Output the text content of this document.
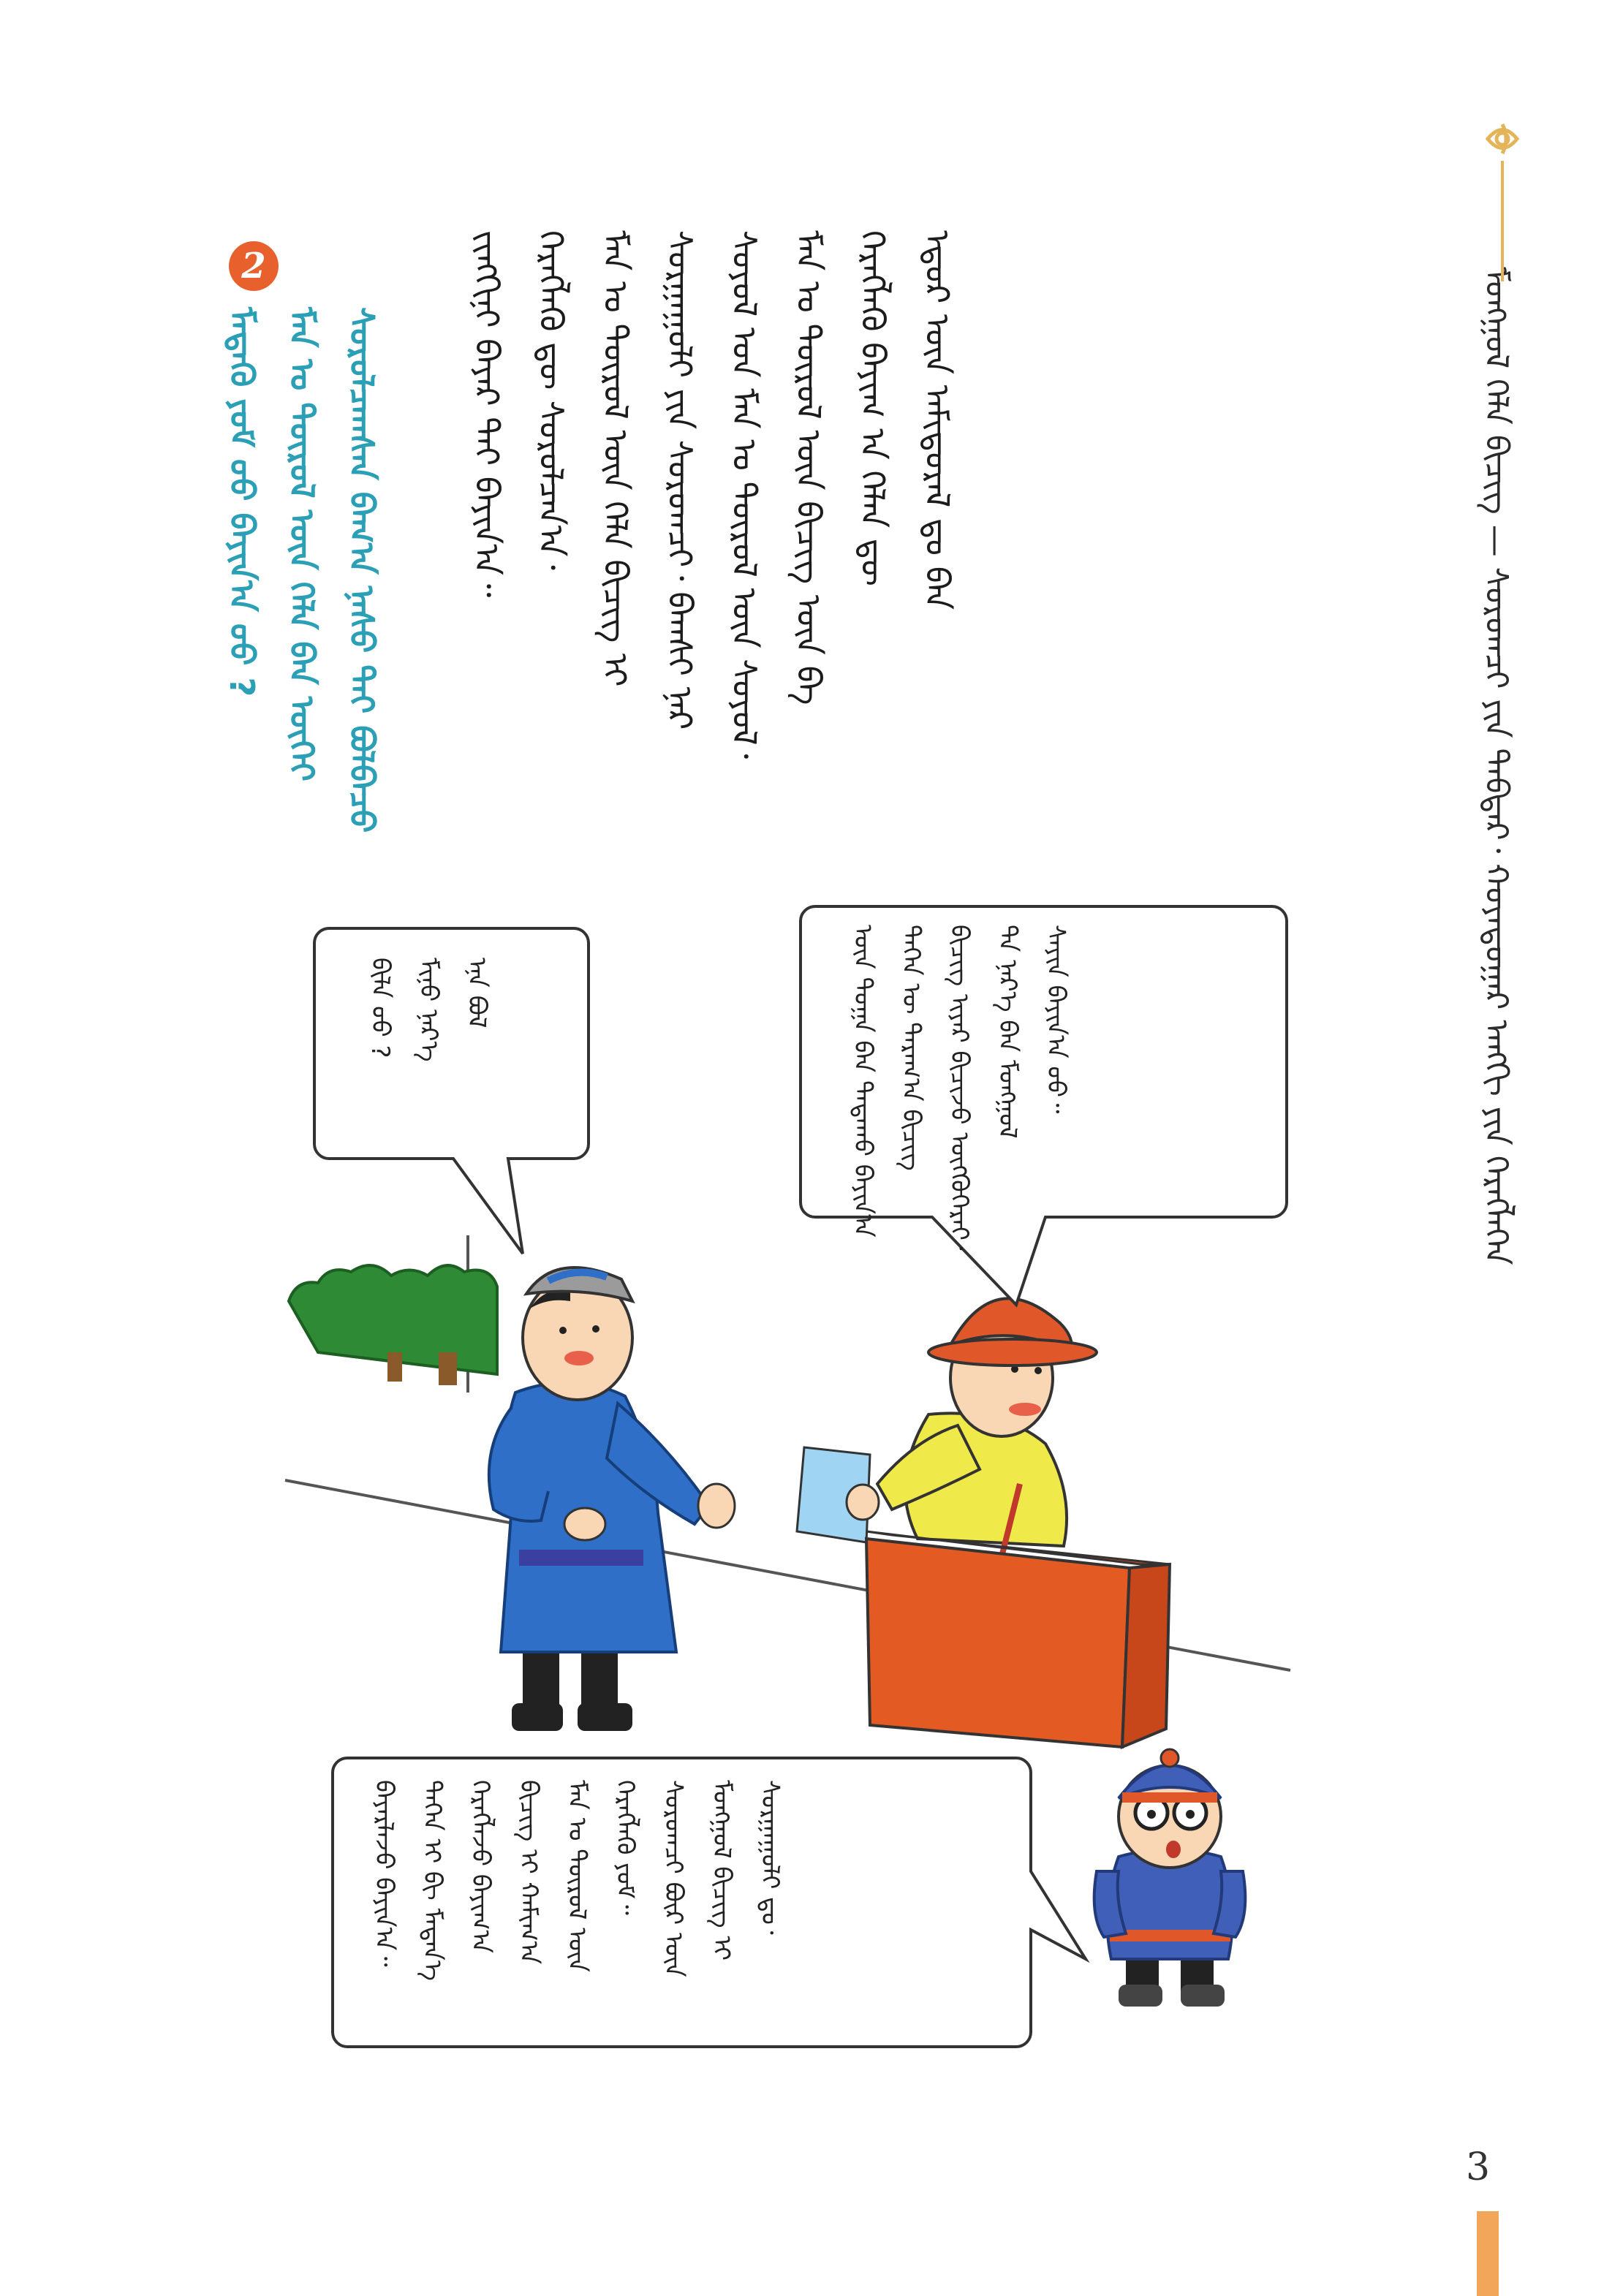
ᠮᠤᠩᠭᠤᠯ ᠬᠡᠯᠡ ᠪᠢᠴᠢᠭ — ᠰᠤᠷᠤᠭᠴᠢ ᠶᠢᠨ ᠳᠡᠪᠲᠡᠷ᠂ ᠬᠤᠶᠠᠳᠤᠭᠠᠷ ᠠᠩᠭᠢ ᠶᠢᠨ ᠬᠡᠷᠡᠭᠯᠡᠭᠡᠨ
ᠡᠳᠦᠷ ᠦᠨ ᠠᠮᠢᠳᠤᠷᠠᠯ ᠳᠤ ᠪᠠᠨ
ᠬᠡᠷᠡᠭᠯᠡᠬᠦ ᠪᠠᠶᠢᠭ ᠠ ᠬᠡᠯᠡᠨ ᠳᠦ
ᠮᠠᠨ ᠤ ᠲᠥᠷᠥᠯ ᠦᠨ ᠪᠢᠴᠢᠭ ᠦᠨ ᠪᠠ
ᠰᠣᠶᠣᠯ ᠤᠨ ᠮᠠᠨ ᠤ ᠲᠥᠷᠥᠯ ᠦᠨ ᠰᠣᠶᠣᠯ᠂
ᠰᠤᠷᠭᠠᠭᠤᠯᠢ ᠶᠢᠨ ᠰᠤᠷᠤᠭᠴᠢ᠂ ᠪᠠᠭᠰᠢ ᠨᠠᠷ
ᠮᠠᠨ ᠤ ᠲᠥᠷᠥᠯ ᠦᠨ ᠬᠡᠯᠡ ᠪᠢᠴᠢᠭ ᠢ
ᠬᠡᠷᠡᠭᠯᠡᠬᠦ ᠳᠦ ᠰᠤᠷᠤᠯᠴᠠᠨ᠎ᠠ᠂
ᠵᠢᠩᠬᠢᠨᠢ ᠪᠠᠶᠠᠷ ᠲᠠᠢ ᠪᠠᠶᠢᠨ᠎ᠠ᠃
2
ᠰᠤᠷᠤᠯᠴᠠᠭᠰᠠᠨ ᠪᠠᠭ᠎ᠠ ᠨᠠᠰᠤ ᠲᠠᠢ ᠪᠣᠯᠪᠠᠴᠤ
ᠮᠠᠨ ᠤ ᠲᠥᠷᠥᠯ ᠦᠨ ᠬᠡᠯᠡ ᠪᠠᠨ ᠦᠭᠡᠶ
ᠮᠡᠳᠡᠬᠦ ᠶᠤᠮ ᠤᠤ ᠪᠠᠶᠢᠨ᠎ᠠ ᠤᠤ ?
ᠡᠨᠡ ᠪᠣᠯ
ᠮᠢᠨᠦ ᠨᠡᠷ᠎ᠡ
ᠪᠢᠯᠡ ᠦᠦ ?	ᠰᠠᠶᠢᠨ ᠪᠠᠶᠢᠨ᠎ᠠ ᠤᠤ᠃
ᠲᠠ ᠨᠡᠷ᠎ᠡ ᠪᠠᠨ ᠮᠣᠩᠭᠣᠯ
ᠪᠢᠴᠢᠭ ᠢᠶᠡᠷ ᠪᠢᠴᠢᠵᠦ ᠥᠭᠭᠦᠭᠡᠷᠡᠢ᠂
ᠲᠡᠭᠡᠨ ᠦ ᠳᠠᠷᠠᠭ᠎ᠠ ᠪᠢᠴᠢᠭ
ᠦᠨ ᠲᠣᠭᠠ ᠪᠠᠨ ᠲᠠᠲᠠᠬᠤ ᠪᠠᠶᠢᠨ᠎ᠠ
ᠰᠤᠷᠭᠠᠭᠤᠯᠢ ᠳᠤ᠂
ᠮᠣᠩᠭᠣᠯ ᠪᠢᠴᠢᠭ ᠢ
ᠰᠤᠷᠤᠭᠴᠢ ᠪᠦᠷ ᠦᠨ
ᠬᠡᠷᠡᠭᠯᠡᠬᠦ ᠶᠤᠮ᠃
ᠮᠠᠨ ᠤ ᠲᠥᠷᠥᠯ ᠦᠨ
ᠪᠢᠴᠢᠭ ᠢ ᠬᠠᠮᠢᠭ᠎ᠠ
ᠬᠡᠷᠡᠭᠯᠡᠵᠦ ᠪᠠᠶᠢᠭ᠎ᠠ
ᠲᠡᠭᠡᠨ ᠢ ᠪᠢ ᠮᠡᠳᠡᠨ᠎ᠡ
ᠪᠠᠶᠠᠷᠯᠠᠵᠤ ᠪᠠᠶᠢᠨ᠎ᠠ᠃
3
